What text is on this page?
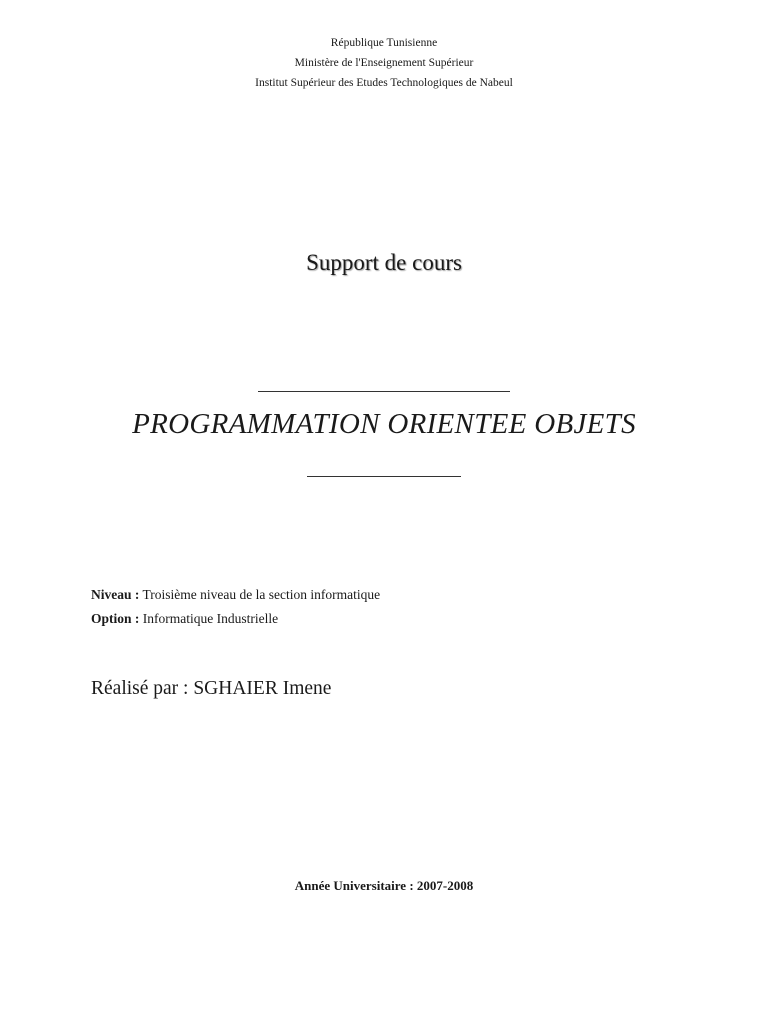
République Tunisienne
Ministère de l'Enseignement Supérieur
Institut Supérieur des Etudes Technologiques de Nabeul
Support de cours
PROGRAMMATION ORIENTEE OBJETS
Niveau : Troisième niveau de la section informatique
Option : Informatique Industrielle
Réalisé par : SGHAIER Imene
Année Universitaire : 2007-2008
